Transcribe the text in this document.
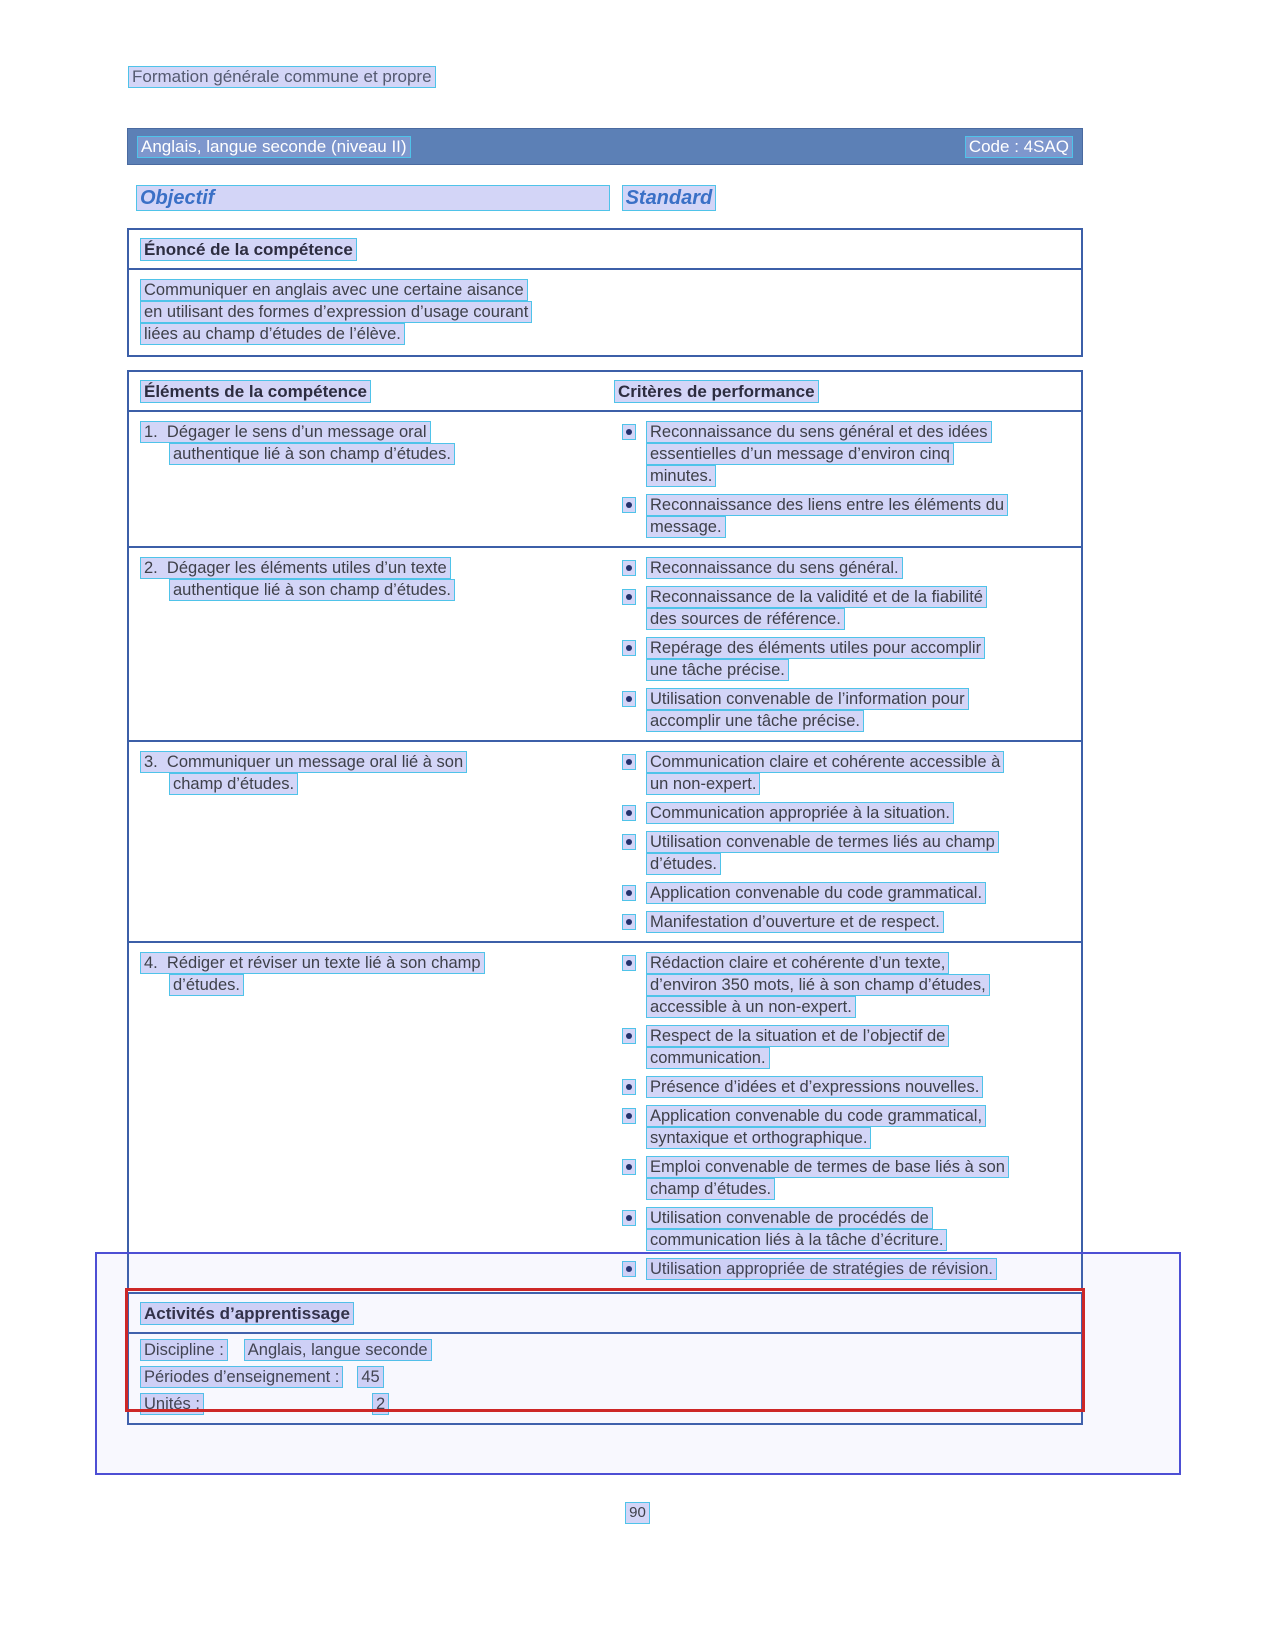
Formation générale commune et propre
Anglais, langue seconde (niveau II)	Code : 4SAQ
Objectif	Standard
Énoncé de la compétence
Communiquer en anglais avec une certaine aisance
en utilisant des formes d’expression d’usage courant
liées au champ d’études de l’élève.
Éléments de la compétence	Critères de performance
1.  Dégager le sens d’un message oral
authentique lié à son champ d’études.
Reconnaissance du sens général et des idées
essentielles d’un message d’environ cinq
minutes.
Reconnaissance des liens entre les éléments du
message.
2.  Dégager les éléments utiles d’un texte
authentique lié à son champ d’études.
Reconnaissance du sens général.
Reconnaissance de la validité et de la fiabilité
des sources de référence.
Repérage des éléments utiles pour accomplir
une tâche précise.
Utilisation convenable de l’information pour
accomplir une tâche précise.
3.  Communiquer un message oral lié à son
champ d’études.
Communication claire et cohérente accessible à
un non-expert.
Communication appropriée à la situation.
Utilisation convenable de termes liés au champ
d’études.
Application convenable du code grammatical.
Manifestation d’ouverture et de respect.
4.  Rédiger et réviser un texte lié à son champ
d’études.
Rédaction claire et cohérente d’un texte,
d’environ 350 mots, lié à son champ d’études,
accessible à un non-expert.
Respect de la situation et de l’objectif de
communication.
Présence d’idées et d’expressions nouvelles.
Application convenable du code grammatical,
syntaxique et orthographique.
Emploi convenable de termes de base liés à son
champ d’études.
Utilisation convenable de procédés de
communication liés à la tâche d’écriture.
Utilisation appropriée de stratégies de révision.
Activités d’apprentissage
Discipline : Anglais, langue seconde
Périodes d’enseignement : 45
Unités :	2
90
